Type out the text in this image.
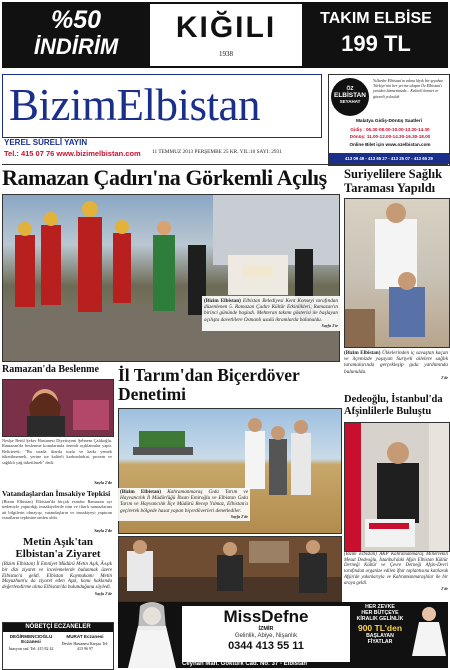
%50
İNDİRİM
KIĞILI
1938
TAKIM ELBİSE
199 TL
BizimElbistan
YEREL SÜRELİ YAYIN
Tel.: 415 07 76 www.bizimelbistan.com 11 TEMMUZ 2013 PERŞEMBE 25 KR. YIL:10 SAYI: 2931
ÖZ
ELBİSTAN
SEYAHAT
Yıllardır Elbistan'ın adına lâyık bir şeyahat Türkiye'nin her yerine ulaşan Öz Elbistan'ı yeniden hizmetinizde... Kaliteli hizmet ve güvenli yolculuk
Malatya Gidiş-Dönüş Saatleri
Gidiş : 06.30-08.00-10.00-13.30-14.30
Dönüş: 11.00-12.00-14.30-16.30-18.00
Online Bilet için www.ozelbistan.com
413 09 49 - 413 65 27 - 413 25 07 - 413 65 29
Ramazan Çadırı'na Görkemli Açılış
(Bizim Elbistan) Elbistan Belediyesi Kent Konseyi tarafından düzenlenen 5. Ramazan Çadırı Kültür Etkinlikleri, Ramazan'ın birinci gününde başladı. Mehteran takımı gösterisi ile başlayan açılışta davetlilere Osmanlı usulü ikramlarda bulunuldu.
Sayfa 3'te
Suriyelilere Sağlık Taraması Yapıldı
(Bizim Elbistan) Ülkelerinden iç savaştan kaçan ve ilçemizde yaşayan Suriyeli ailelere sağlık taramalarında gerçekleşip gıda yardımında bulunuldu.
2'de
Ramazan'da Beslenme
Neslşe Betül Şeker Hastanesi Diyetisyeni Şebnem Çalıkoğlu, Ramazan'da beslenme konularında önemli açıklamalar yaptı. Belirterek; "Bu sırada iftarda tuzlu ve katkı yemek tüketilmemeli, yerine ise kaliteli karbonhidrat, protein ve sağlıklı yağ tüketilmeli" dedi.
Sayfa 2'de
Vatandaşlardan İmsakiye Tepkisi
(Bizim Elbistan) Elbistan'da birçok esnafın Ramazan ayı nedeniyle yaptırdığı imsakiyelerde tüm ve iftarlı namazlarına ait bilgilerin olmayışı, vatandaşların ve imsakiyeyi yaptıran esnafların tepkisine neden oldu.
Sayfa 2'de
Metin Aşık'tan
Elbistan'a Ziyaret
(Bizim Elbistan) İl Emniyet Müdürü Metin Aşık, Ä±şık bir dizi ziyaret ve incelemelerde bulunmak üzere Elbistan'a geldi. Elbistan Kaymakamı Metin Mayuzhum'u da ziyaret eden Aşık, konu hakkında değerlendirme alına Elbistan'da bulunduğunu söyledi.
Sayfa 2'de
NÖBETÇİ ECZANELER
DEĞİRMENCIOĞLU Eczanesi
İstasyon cad. Tel: 415 82 42
MURAT Eczanesi
Devlet Hastanesi Karşısı Tel: 413 96 97
İl Tarım'dan Biçerdöver
Denetimi
(Bizim Elbistan) Kahramanmaraş Gıda Tarım ve Hayvancılık İl Müdürlüğü İhsan Emiroğlu ve Elbistan Gıda Tarım ve Hayvancılık İlçe Müdürü Recep Yılmaz, Elbistan'a geçirerek bölgede hasat yapan biçerdöverleri denetlediler.
Sayfa 2'de
Dedeoğlu, İstanbul'da Afşinlilerle Buluştu
(Bizim Elbistan) AKP Kahramanmaraş Milletvekili Mesut Dedeoğlu, İstanbul'daki Afşin Elbistan Kültür Derneği Kültür ve Çevre Derneği Afşin-Devri tarafından organize edilen iftar toplantısına katılarak Afşin'de yakınlarıyla ve Kahramanmaraşlılar ile bir araya geldi.
2'de
MissDefne
İZMİR
Gelinlik, Abiye, Nişanlık
0344 413 55 11
HER ZEVKE
HER BÜTÇEYE
KİRALIK GELİNLİK
900 TL'den
BAŞLAYAN
FİYATLAR
Ceyhan Mah. Göktürk Cad. No: 37 - Elbistan
